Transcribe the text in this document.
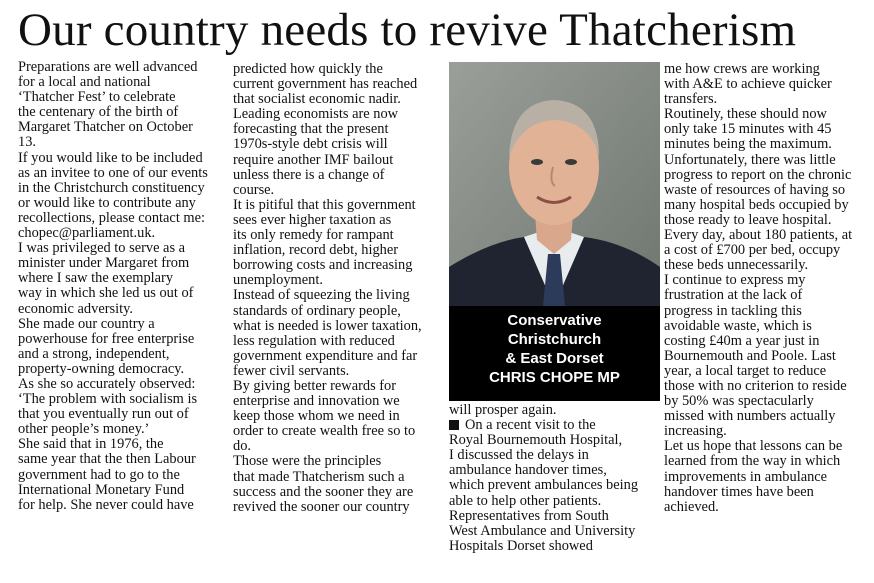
Our country needs to revive Thatcherism
Preparations are well advanced
for a local and national
‘Thatcher Fest’ to celebrate
the centenary of the birth of
Margaret Thatcher on October
13.
If you would like to be included
as an invitee to one of our events
in the Christchurch constituency
or would like to contribute any
recollections, please contact me:
chopec@parliament.uk.
I was privileged to serve as a
minister under Margaret from
where I saw the exemplary
way in which she led us out of
economic adversity.
She made our country a
powerhouse for free enterprise
and a strong, independent,
property-owning democracy.
As she so accurately observed:
‘The problem with socialism is
that you eventually run out of
other people’s money.’
She said that in 1976, the
same year that the then Labour
government had to go to the
International Monetary Fund
for help. She never could have
predicted how quickly the
current government has reached
that socialist economic nadir.
Leading economists are now
forecasting that the present
1970s-style debt crisis will
require another IMF bailout
unless there is a change of
course.
It is pitiful that this government
sees ever higher taxation as
its only remedy for rampant
inflation, record debt, higher
borrowing costs and increasing
unemployment.
Instead of squeezing the living
standards of ordinary people,
what is needed is lower taxation,
less regulation with reduced
government expenditure and far
fewer civil servants.
By giving better rewards for
enterprise and innovation we
keep those whom we need in
order to create wealth free so to
do.
Those were the principles
that made Thatcherism such a
success and the sooner they are
revived the sooner our country
Conservative
Christchurch
& East Dorset
CHRIS CHOPE MP
will prosper again.
On a recent visit to the
Royal Bournemouth Hospital,
I discussed the delays in
ambulance handover times,
which prevent ambulances being
able to help other patients.
Representatives from South
West Ambulance and University
Hospitals Dorset showed
me how crews are working
with A&E to achieve quicker
transfers.
Routinely, these should now
only take 15 minutes with 45
minutes being the maximum.
Unfortunately, there was little
progress to report on the chronic
waste of resources of having so
many hospital beds occupied by
those ready to leave hospital.
Every day, about 180 patients, at
a cost of £700 per bed, occupy
these beds unnecessarily.
I continue to express my
frustration at the lack of
progress in tackling this
avoidable waste, which is
costing £40m a year just in
Bournemouth and Poole. Last
year, a local target to reduce
those with no criterion to reside
by 50% was spectacularly
missed with numbers actually
increasing.
Let us hope that lessons can be
learned from the way in which
improvements in ambulance
handover times have been
achieved.
